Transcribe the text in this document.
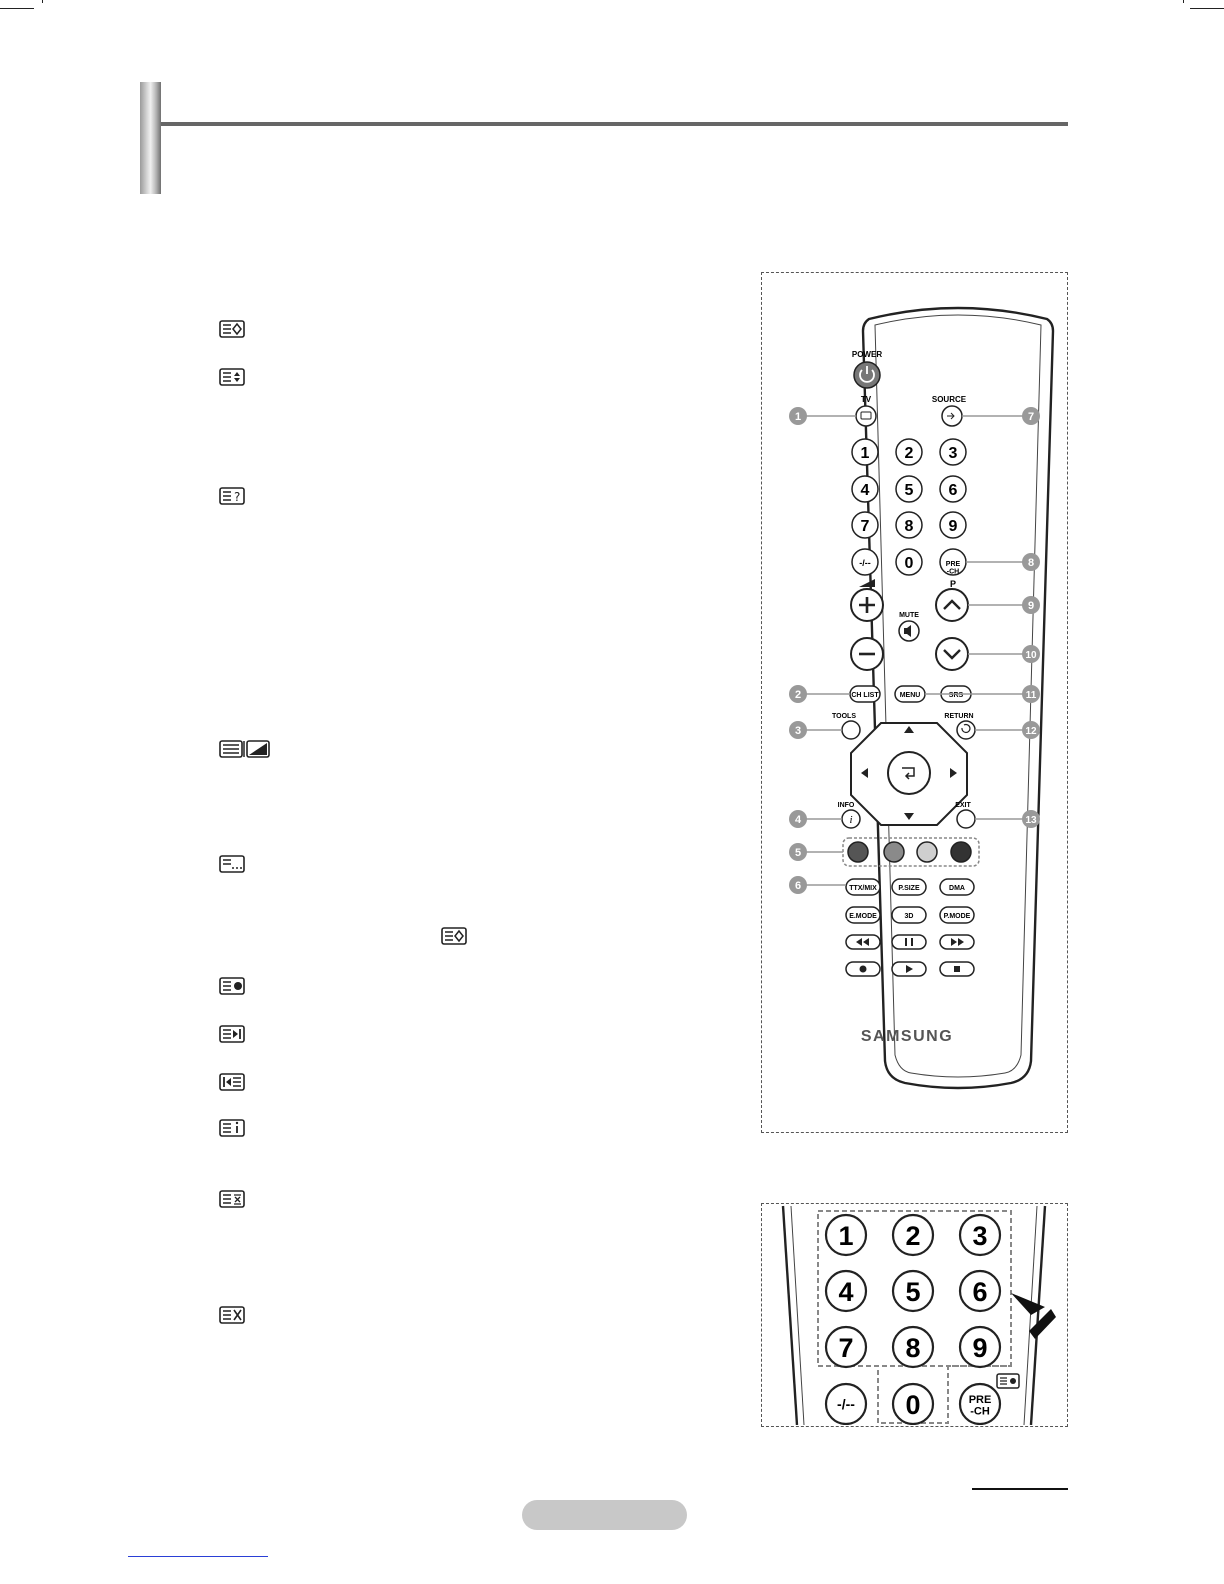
?
POWER
TV	SOURCE
1 2 3
4 5 6
7 8 9
-/-- 0	PRE -CH
P
MUTE
CH LIST	MENU	SRS
TOOLS	RETURN
INFO
i
EXIT
TTX/MIX	P.SIZE	DMA
E.MODE	3D	P.MODE
SAMSUNG
1
2
3
4
5
6
7
8
9
10
11
12
13
1 2 3
4 5 6
7 8 9
0
-/--	PRE -CH
